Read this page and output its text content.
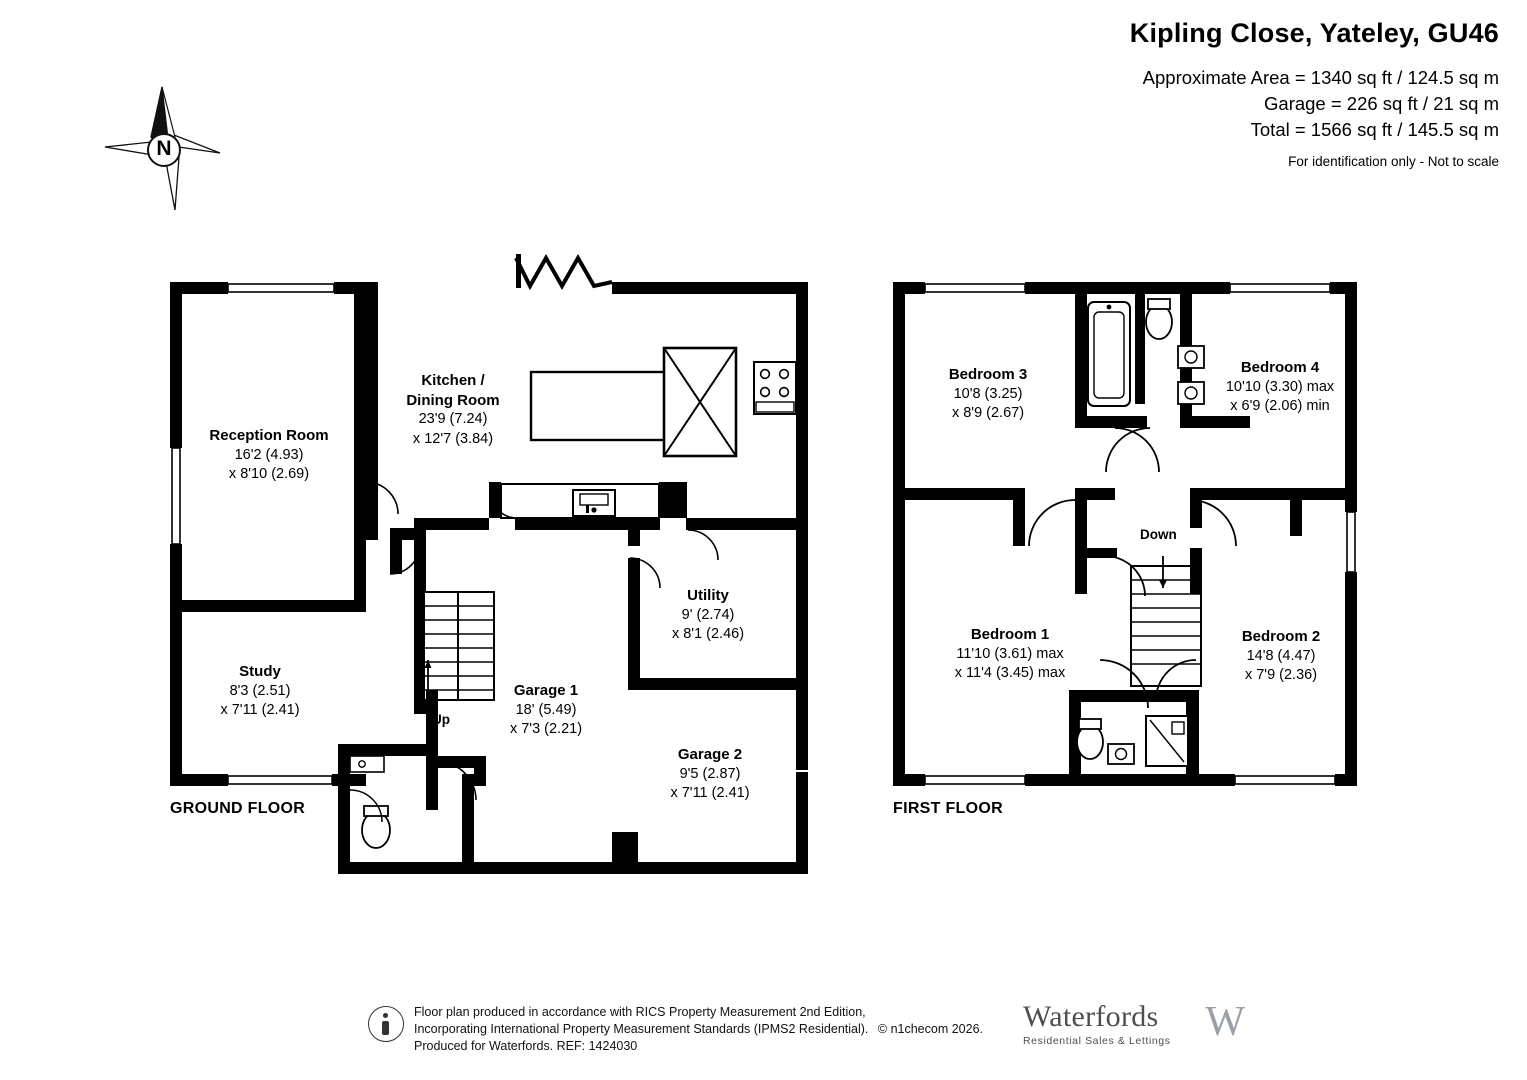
Kipling Close, Yateley, GU46
Approximate Area = 1340 sq ft / 124.5 sq m
Garage = 226 sq ft / 21 sq m
Total = 1566 sq ft / 145.5 sq m
For identification only - Not to scale
N
Reception Room
16'2 (4.93)
x 8'10 (2.69)
Kitchen /
Dining Room
23'9 (7.24)
x 12'7 (3.84)
Study
8'3 (2.51)
x 7'11 (2.41)
Utility
9' (2.74)
x 8'1 (2.46)
Garage 1
18' (5.49)
x 7'3 (2.21)
Garage 2
9'5 (2.87)
x 7'11 (2.41)
Bedroom 3
10'8 (3.25)
x 8'9 (2.67)
Bedroom 4
10'10 (3.30) max
x 6'9 (2.06) min
Bedroom 1
11'10 (3.61) max
x 11'4 (3.45) max
Bedroom 2
14'8 (4.47)
x 7'9 (2.36)
Up
Down
GROUND FLOOR	FIRST FLOOR
Floor plan produced in accordance with RICS Property Measurement 2nd Edition,
Incorporating International Property Measurement Standards (IPMS2 Residential). © n1checom 2026.
Produced for Waterfords. REF: 1424030
W
Waterfords
Residential Sales & Lettings
